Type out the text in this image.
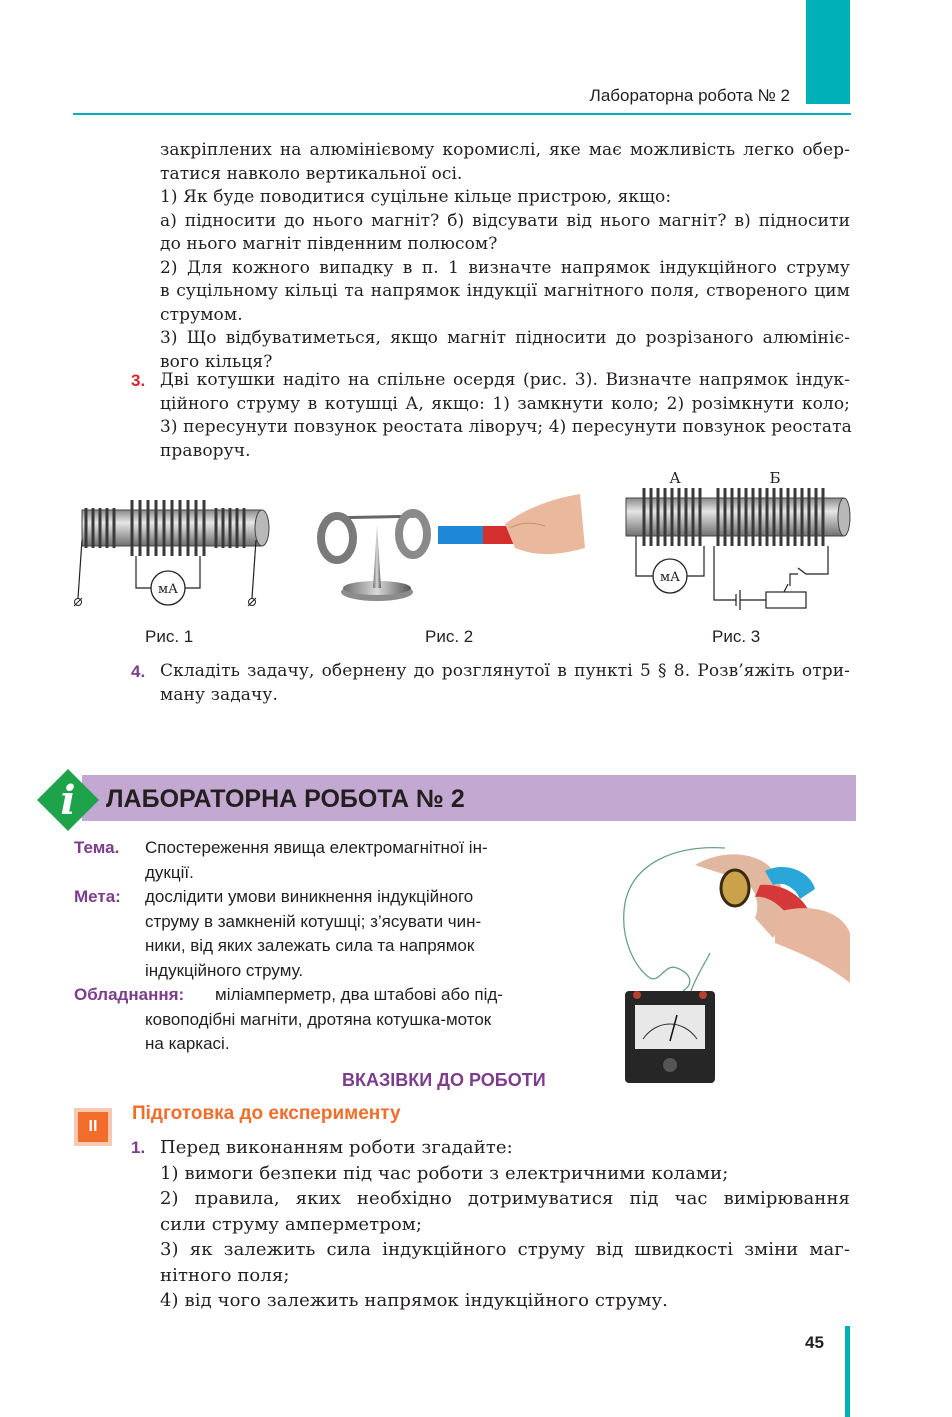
Лабораторна робота № 2
закріплених на алюмінієвому коромислі, яке має можливість легко обер-
татися навколо вертикальної осі.
1) Як буде поводитися суцільне кільце пристрою, якщо:
а) підносити до нього магніт? б) відсувати від нього магніт? в) підносити
до нього магніт південним полюсом?
2) Для кожного випадку в п. 1 визначте напрямок індукційного струму
в суцільному кільці та напрямок індукції магнітного поля, створеного цим
струмом.
3) Що відбуватиметься, якщо магніт підносити до розрізаного алюмініє-
вого кільця?
3. Дві котушки надіто на спільне осердя (рис. 3). Визначте напрямок індук-
ційного струму в котушці А, якщо: 1) замкнути коло; 2) розімкнути коло;
3) пересунути повзунок реостата ліворуч; 4) пересунути повзунок реостата
праворуч.
мА
Рис. 1	Рис. 2
А	Б
мА
Рис. 3
4. Складіть задачу, обернену до розглянутої в пункті 5 § 8. Розв’яжіть отри-
ману задачу.
i ЛАБОРАТОРНА РОБОТА № 2
Тема. Спостереження явища електромагнітної ін-
дукції.
Мета: дослідити умови виникнення індукційного
струму в замкненій котушці; з’ясувати чин-
ники, від яких залежать сила та напрямок
індукційного струму.
Обладнання:	міліамперметр, два штабові або під-
ковоподібні магніти, дротяна котушка-моток
на каркасі.
ВКАЗІВКИ ДО РОБОТИ
II
Підготовка до експерименту
1. Перед виконанням роботи згадайте:
1) вимоги безпеки під час роботи з електричними колами;
2) правила, яких необхідно дотримуватися під час вимірювання
сили струму амперметром;
3) як залежить сила індукційного струму від швидкості зміни маг-
нітного поля;
4) від чого залежить напрямок індукційного струму.
45
